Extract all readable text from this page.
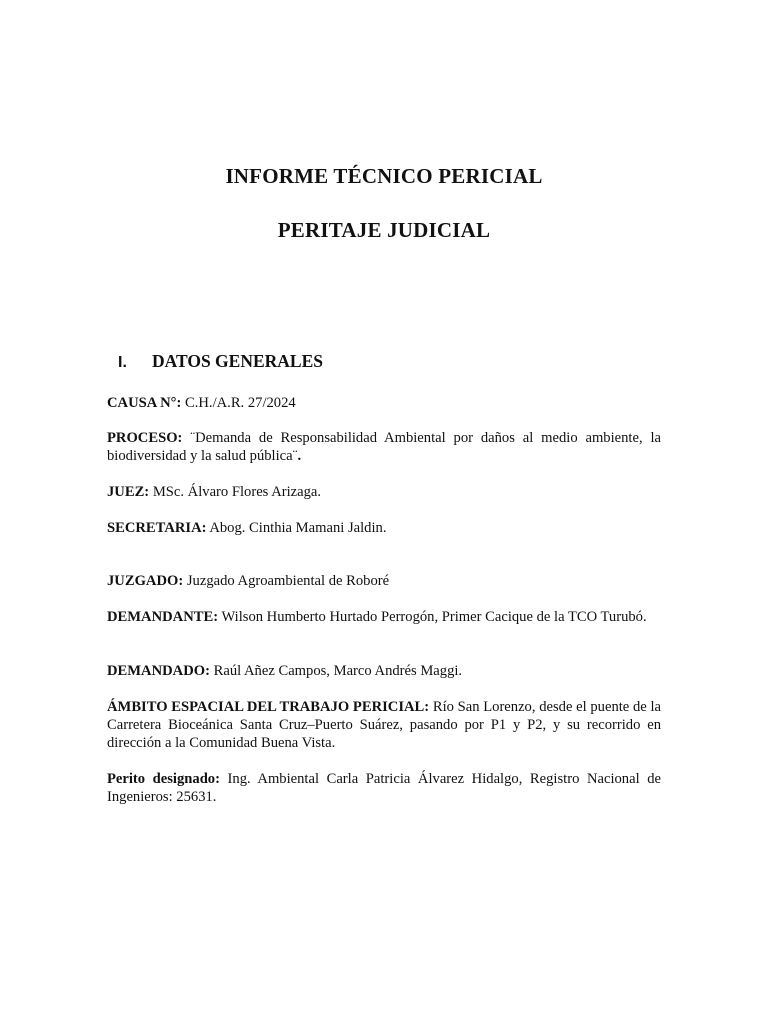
INFORME TÉCNICO PERICIAL
PERITAJE JUDICIAL
I. DATOS GENERALES
CAUSA N°: C.H./A.R. 27/2024
PROCESO: ¨Demanda de Responsabilidad Ambiental por daños al medio ambiente, la biodiversidad y la salud pública¨.
JUEZ: MSc. Álvaro Flores Arizaga.
SECRETARIA: Abog. Cinthia Mamani Jaldin.
JUZGADO: Juzgado Agroambiental de Roboré
DEMANDANTE: Wilson Humberto Hurtado Perrogón, Primer Cacique de la TCO Turubó.
DEMANDADO: Raúl Añez Campos, Marco Andrés Maggi.
ÁMBITO ESPACIAL DEL TRABAJO PERICIAL: Río San Lorenzo, desde el puente de la Carretera Bioceánica Santa Cruz–Puerto Suárez, pasando por P1 y P2, y su recorrido en dirección a la Comunidad Buena Vista.
Perito designado: Ing. Ambiental Carla Patricia Álvarez Hidalgo, Registro Nacional de Ingenieros: 25631.
